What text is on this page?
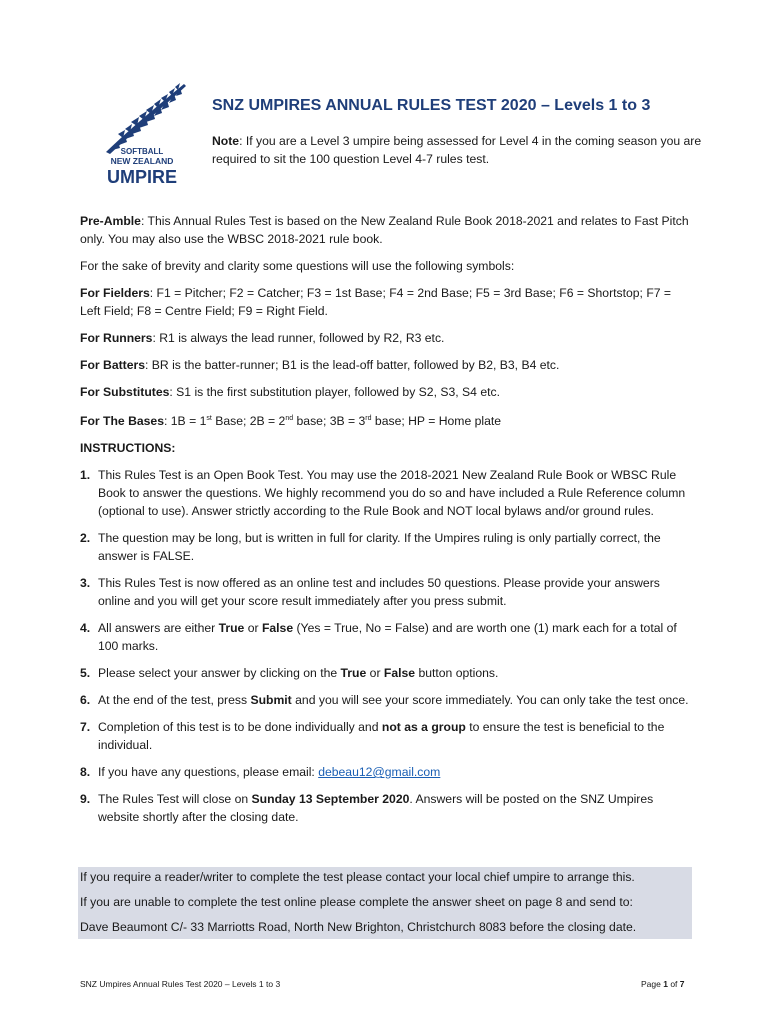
SOFTBALL
NEW ZEALAND
UMPIRE
SNZ UMPIRES ANNUAL RULES TEST 2020 – Levels 1 to 3
Note: If you are a Level 3 umpire being assessed for Level 4 in the coming season you are required to sit the 100 question Level 4-7 rules test.

Pre-Amble: This Annual Rules Test is based on the New Zealand Rule Book 2018-2021 and relates to Fast Pitch only. You may also use the WBSC 2018-2021 rule book.

For the sake of brevity and clarity some questions will use the following symbols:

For Fielders: F1 = Pitcher; F2 = Catcher; F3 = 1st Base; F4 = 2nd Base; F5 = 3rd Base; F6 = Shortstop; F7 = Left Field; F8 = Centre Field; F9 = Right Field.

For Runners: R1 is always the lead runner, followed by R2, R3 etc.

For Batters: BR is the batter-runner; B1 is the lead-off batter, followed by B2, B3, B4 etc.

For Substitutes: S1 is the first substitution player, followed by S2, S3, S4 etc.

For The Bases: 1B = 1st Base; 2B = 2nd base; 3B = 3rd base; HP = Home plate

INSTRUCTIONS:
1. This Rules Test is an Open Book Test. You may use the 2018-2021 New Zealand Rule Book or WBSC Rule Book to answer the questions. We highly recommend you do so and have included a Rule Reference column (optional to use). Answer strictly according to the Rule Book and NOT local bylaws and/or ground rules.
2. The question may be long, but is written in full for clarity. If the Umpires ruling is only partially correct, the answer is FALSE.
3. This Rules Test is now offered as an online test and includes 50 questions. Please provide your answers online and you will get your score result immediately after you press submit.
4. All answers are either True or False (Yes = True, No = False) and are worth one (1) mark each for a total of 100 marks.
5. Please select your answer by clicking on the True or False button options.
6. At the end of the test, press Submit and you will see your score immediately. You can only take the test once.
7. Completion of this test is to be done individually and not as a group to ensure the test is beneficial to the individual.
8. If you have any questions, please email: debeau12@gmail.com
9. The Rules Test will close on Sunday 13 September 2020. Answers will be posted on the SNZ Umpires website shortly after the closing date.
If you require a reader/writer to complete the test please contact your local chief umpire to arrange this.
If you are unable to complete the test online please complete the answer sheet on page 8 and send to:
Dave Beaumont C/- 33 Marriotts Road, North New Brighton, Christchurch 8083 before the closing date.
SNZ Umpires Annual Rules Test 2020 – Levels 1 to 3	Page 1 of 7
